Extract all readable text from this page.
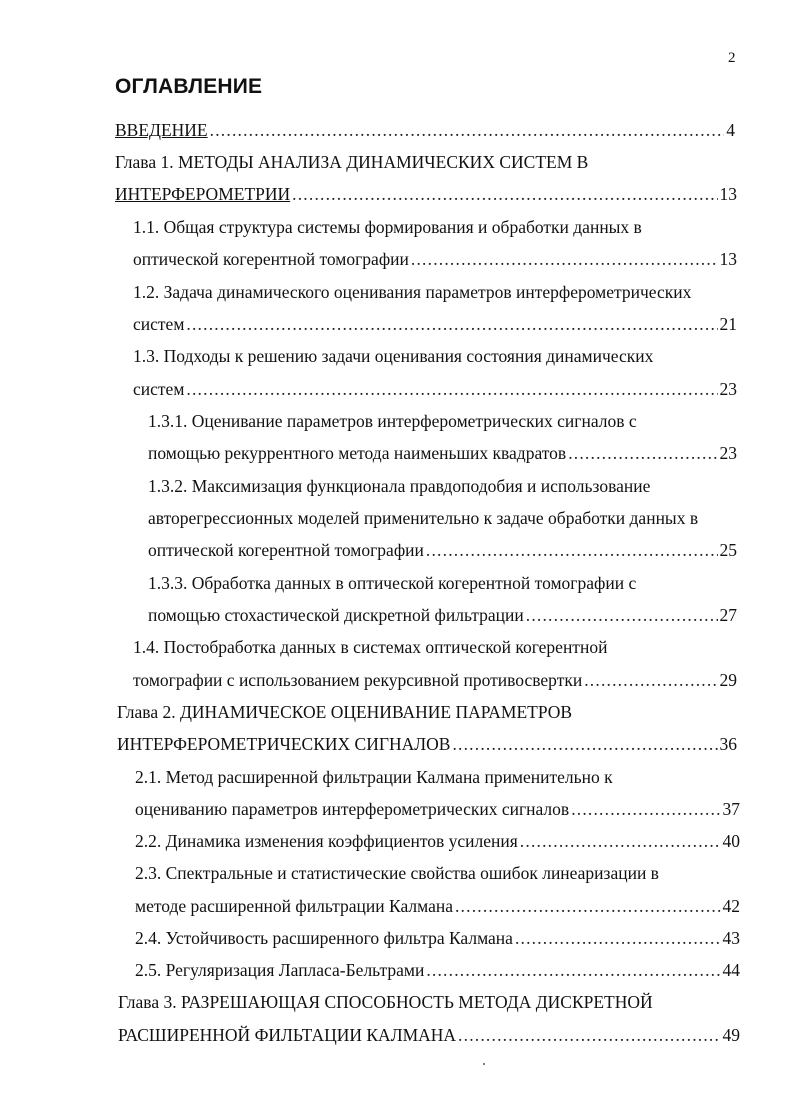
2
ОГЛАВЛЕНИЕ
ВВЕДЕНИЕ .....	4
Глава 1. МЕТОДЫ АНАЛИЗА ДИНАМИЧЕСКИХ СИСТЕМ В
ИНТЕРФЕРОМЕТРИИ .....	13
1.1. Общая структура системы формирования и обработки данных в
оптической когерентной томографии .....	13
1.2. Задача динамического оценивания параметров интерферометрических
систем .....	21
1.3. Подходы к решению задачи оценивания состояния динамических
систем .....	23
1.3.1. Оценивание параметров интерферометрических сигналов с
помощью рекуррентного метода наименьших квадратов .....	23
1.3.2. Максимизация функционала правдоподобия и использование
авторегрессионных моделей применительно к задаче обработки данных в
оптической когерентной томографии .....	25
1.3.3. Обработка данных в оптической когерентной томографии с
помощью стохастической дискретной фильтрации .....	27
1.4. Постобработка данных в системах оптической когерентной
томографии с использованием рекурсивной противосвертки .....	29
Глава 2. ДИНАМИЧЕСКОЕ ОЦЕНИВАНИЕ ПАРАМЕТРОВ
ИНТЕРФЕРОМЕТРИЧЕСКИХ СИГНАЛОВ .....	36
2.1. Метод расширенной фильтрации Калмана применительно к
оцениванию параметров интерферометрических сигналов .....	37
2.2. Динамика изменения коэффициентов усиления .....	40
2.3. Спектральные и статистические свойства ошибок линеаризации в
методе расширенной фильтрации Калмана .....	42
2.4. Устойчивость расширенного фильтра Калмана .....	43
2.5. Регуляризация Лапласа-Бельтрами .....	44
Глава 3. РАЗРЕШАЮЩАЯ СПОСОБНОСТЬ МЕТОДА ДИСКРЕТНОЙ
РАСШИРЕННОЙ ФИЛЬТАЦИИ КАЛМАНА .....	49
